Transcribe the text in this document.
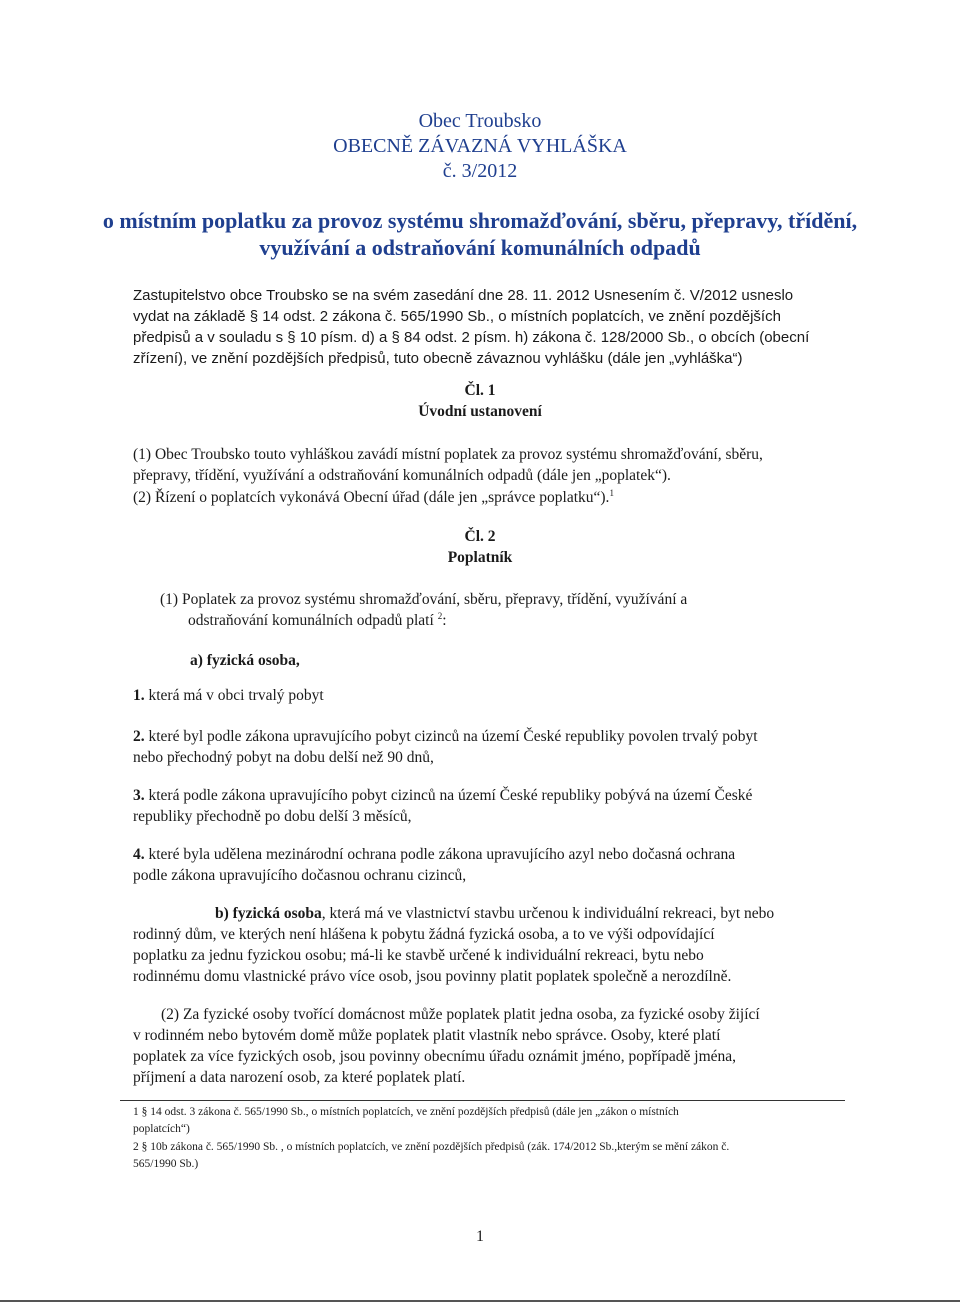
Obec Troubsko
OBECNĚ ZÁVAZNÁ VYHLÁŠKA
č. 3/2012
o místním poplatku za provoz systému shromažďování, sběru, přepravy, třídění,
využívání a odstraňování komunálních odpadů
Zastupitelstvo obce Troubsko se na svém zasedání dne 28. 11. 2012 Usnesením č. V/2012 usneslo
vydat na základě § 14 odst. 2 zákona č. 565/1990 Sb., o místních poplatcích, ve znění pozdějších
předpisů a v souladu s § 10 písm. d) a § 84 odst. 2 písm. h) zákona č. 128/2000 Sb., o obcích (obecní
zřízení), ve znění pozdějších předpisů, tuto obecně závaznou vyhlášku (dále jen „vyhláška“)
Čl. 1
Úvodní ustanovení
(1) Obec Troubsko touto vyhláškou zavádí místní poplatek za provoz systému shromažďování, sběru,
přepravy, třídění, využívání a odstraňování komunálních odpadů (dále jen „poplatek“).
(2) Řízení o poplatcích vykonává Obecní úřad (dále jen „správce poplatku“).$^1$
Čl. 2
Poplatník
(1) Poplatek za provoz systému shromažďování, sběru, přepravy, třídění, využívání a
odstraňování komunálních odpadů platí $^2$:
a) fyzická osoba,
1. která má v obci trvalý pobyt
2. které byl podle zákona upravujícího pobyt cizinců na území České republiky povolen trvalý pobyt
nebo přechodný pobyt na dobu delší než 90 dnů,
3. která podle zákona upravujícího pobyt cizinců na území České republiky pobývá na území České
republiky přechodně po dobu delší 3 měsíců,
4. které byla udělena mezinárodní ochrana podle zákona upravujícího azyl nebo dočasná ochrana
podle zákona upravujícího dočasnou ochranu cizinců,
b) fyzická osoba, která má ve vlastnictví stavbu určenou k individuální rekreaci, byt nebo
rodinný dům, ve kterých není hlášena k pobytu žádná fyzická osoba, a to ve výši odpovídající
poplatku za jednu fyzickou osobu; má-li ke stavbě určené k individuální rekreaci, bytu nebo
rodinnému domu vlastnické právo více osob, jsou povinny platit poplatek společně a nerozdílně.
(2) Za fyzické osoby tvořící domácnost může poplatek platit jedna osoba, za fyzické osoby žijící
v rodinném nebo bytovém domě může poplatek platit vlastník nebo správce. Osoby, které platí
poplatek za více fyzických osob, jsou povinny obecnímu úřadu oznámit jméno, popřípadě jména,
příjmení a data narození osob, za které poplatek platí.
1 § 14 odst. 3 zákona č. 565/1990 Sb., o místních poplatcích, ve znění pozdějších předpisů (dále jen „zákon o místních
poplatcích“)
2 § 10b zákona č. 565/1990 Sb. , o místních poplatcích, ve znění pozdějších předpisů (zák. 174/2012 Sb.,kterým se mění zákon č.
565/1990 Sb.)
1
